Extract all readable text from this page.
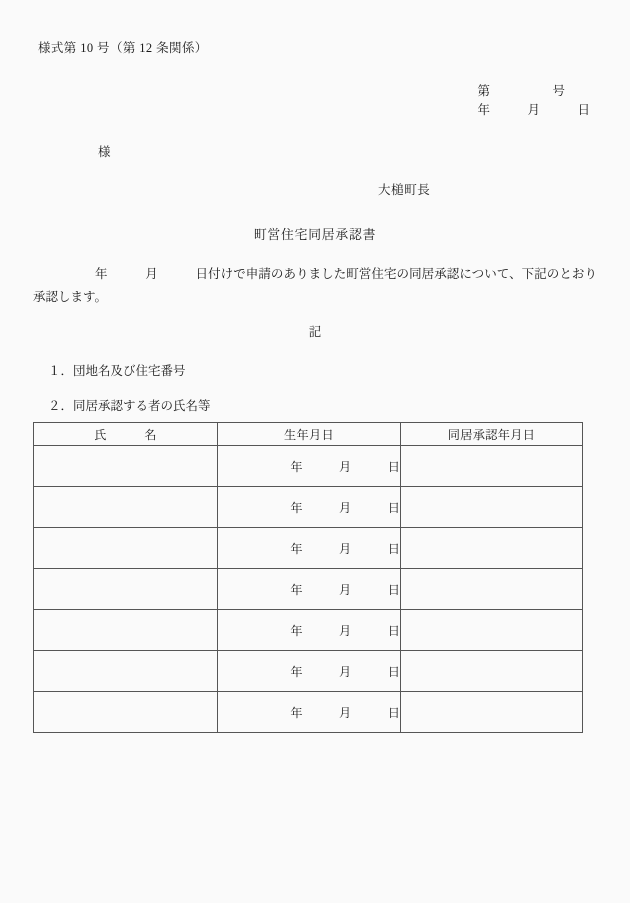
様式第 10 号（第 12 条関係）
第　　　　　号
年　　　月　　　日
様
大槌町長
町営住宅同居承認書
年　　　月　　　日付けで申請のありました町営住宅の同居承認について、下記のとおり承認します。
記
１．団地名及び住宅番号
２．同居承認する者の氏名等
氏　　　名	生年月日	同居承認年月日
	年　　　月　　　日	
	年　　　月　　　日	
	年　　　月　　　日	
	年　　　月　　　日	
	年　　　月　　　日	
	年　　　月　　　日	
	年　　　月　　　日	
